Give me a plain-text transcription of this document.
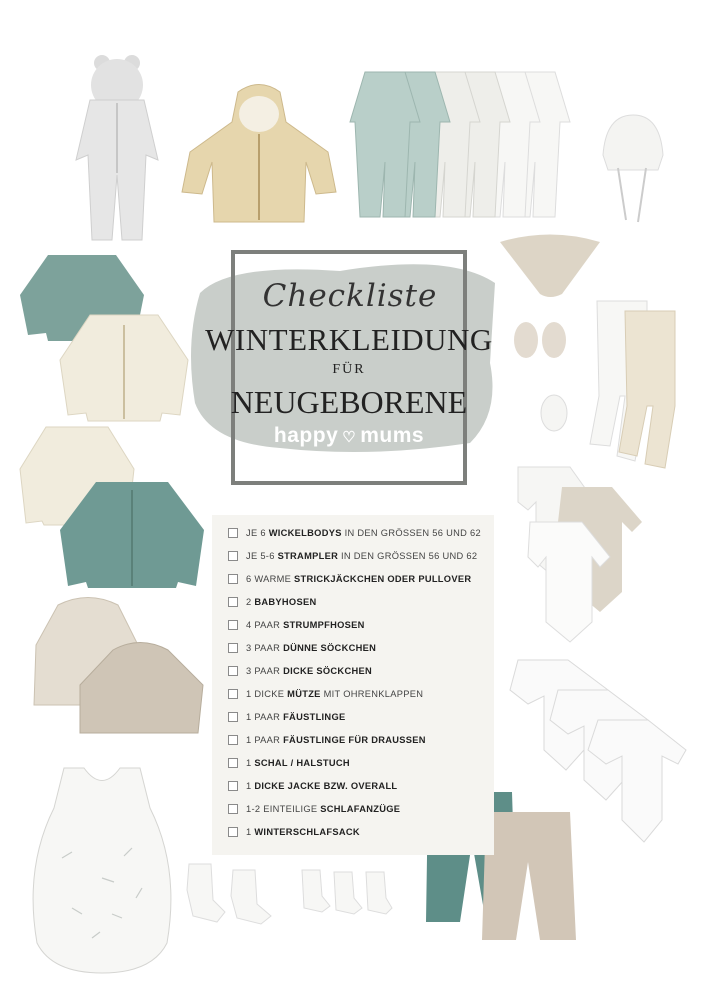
Checkliste
WINTERKLEIDUNG
FÜR
NEUGEBORENE
happy ♡ mums
JE 6 WICKELBODYS IN DEN GRÖSSEN 56 UND 62
JE 5-6 STRAMPLER IN DEN GRÖSSEN 56 UND 62
6 WARME STRICKJÄCKCHEN ODER PULLOVER
2 BABYHOSEN
4 PAAR STRUMPFHOSEN
3 PAAR DÜNNE SÖCKCHEN
3 PAAR DICKE SÖCKCHEN
1 DICKE MÜTZE MIT OHRENKLAPPEN
1 PAAR FÄUSTLINGE
1 PAAR FÄUSTLINGE FÜR DRAUSSEN
1 SCHAL / HALSTUCH
1 DICKE JACKE BZW. OVERALL
1-2 EINTEILIGE SCHLAFANZÜGE
1 WINTERSCHLAFSACK
